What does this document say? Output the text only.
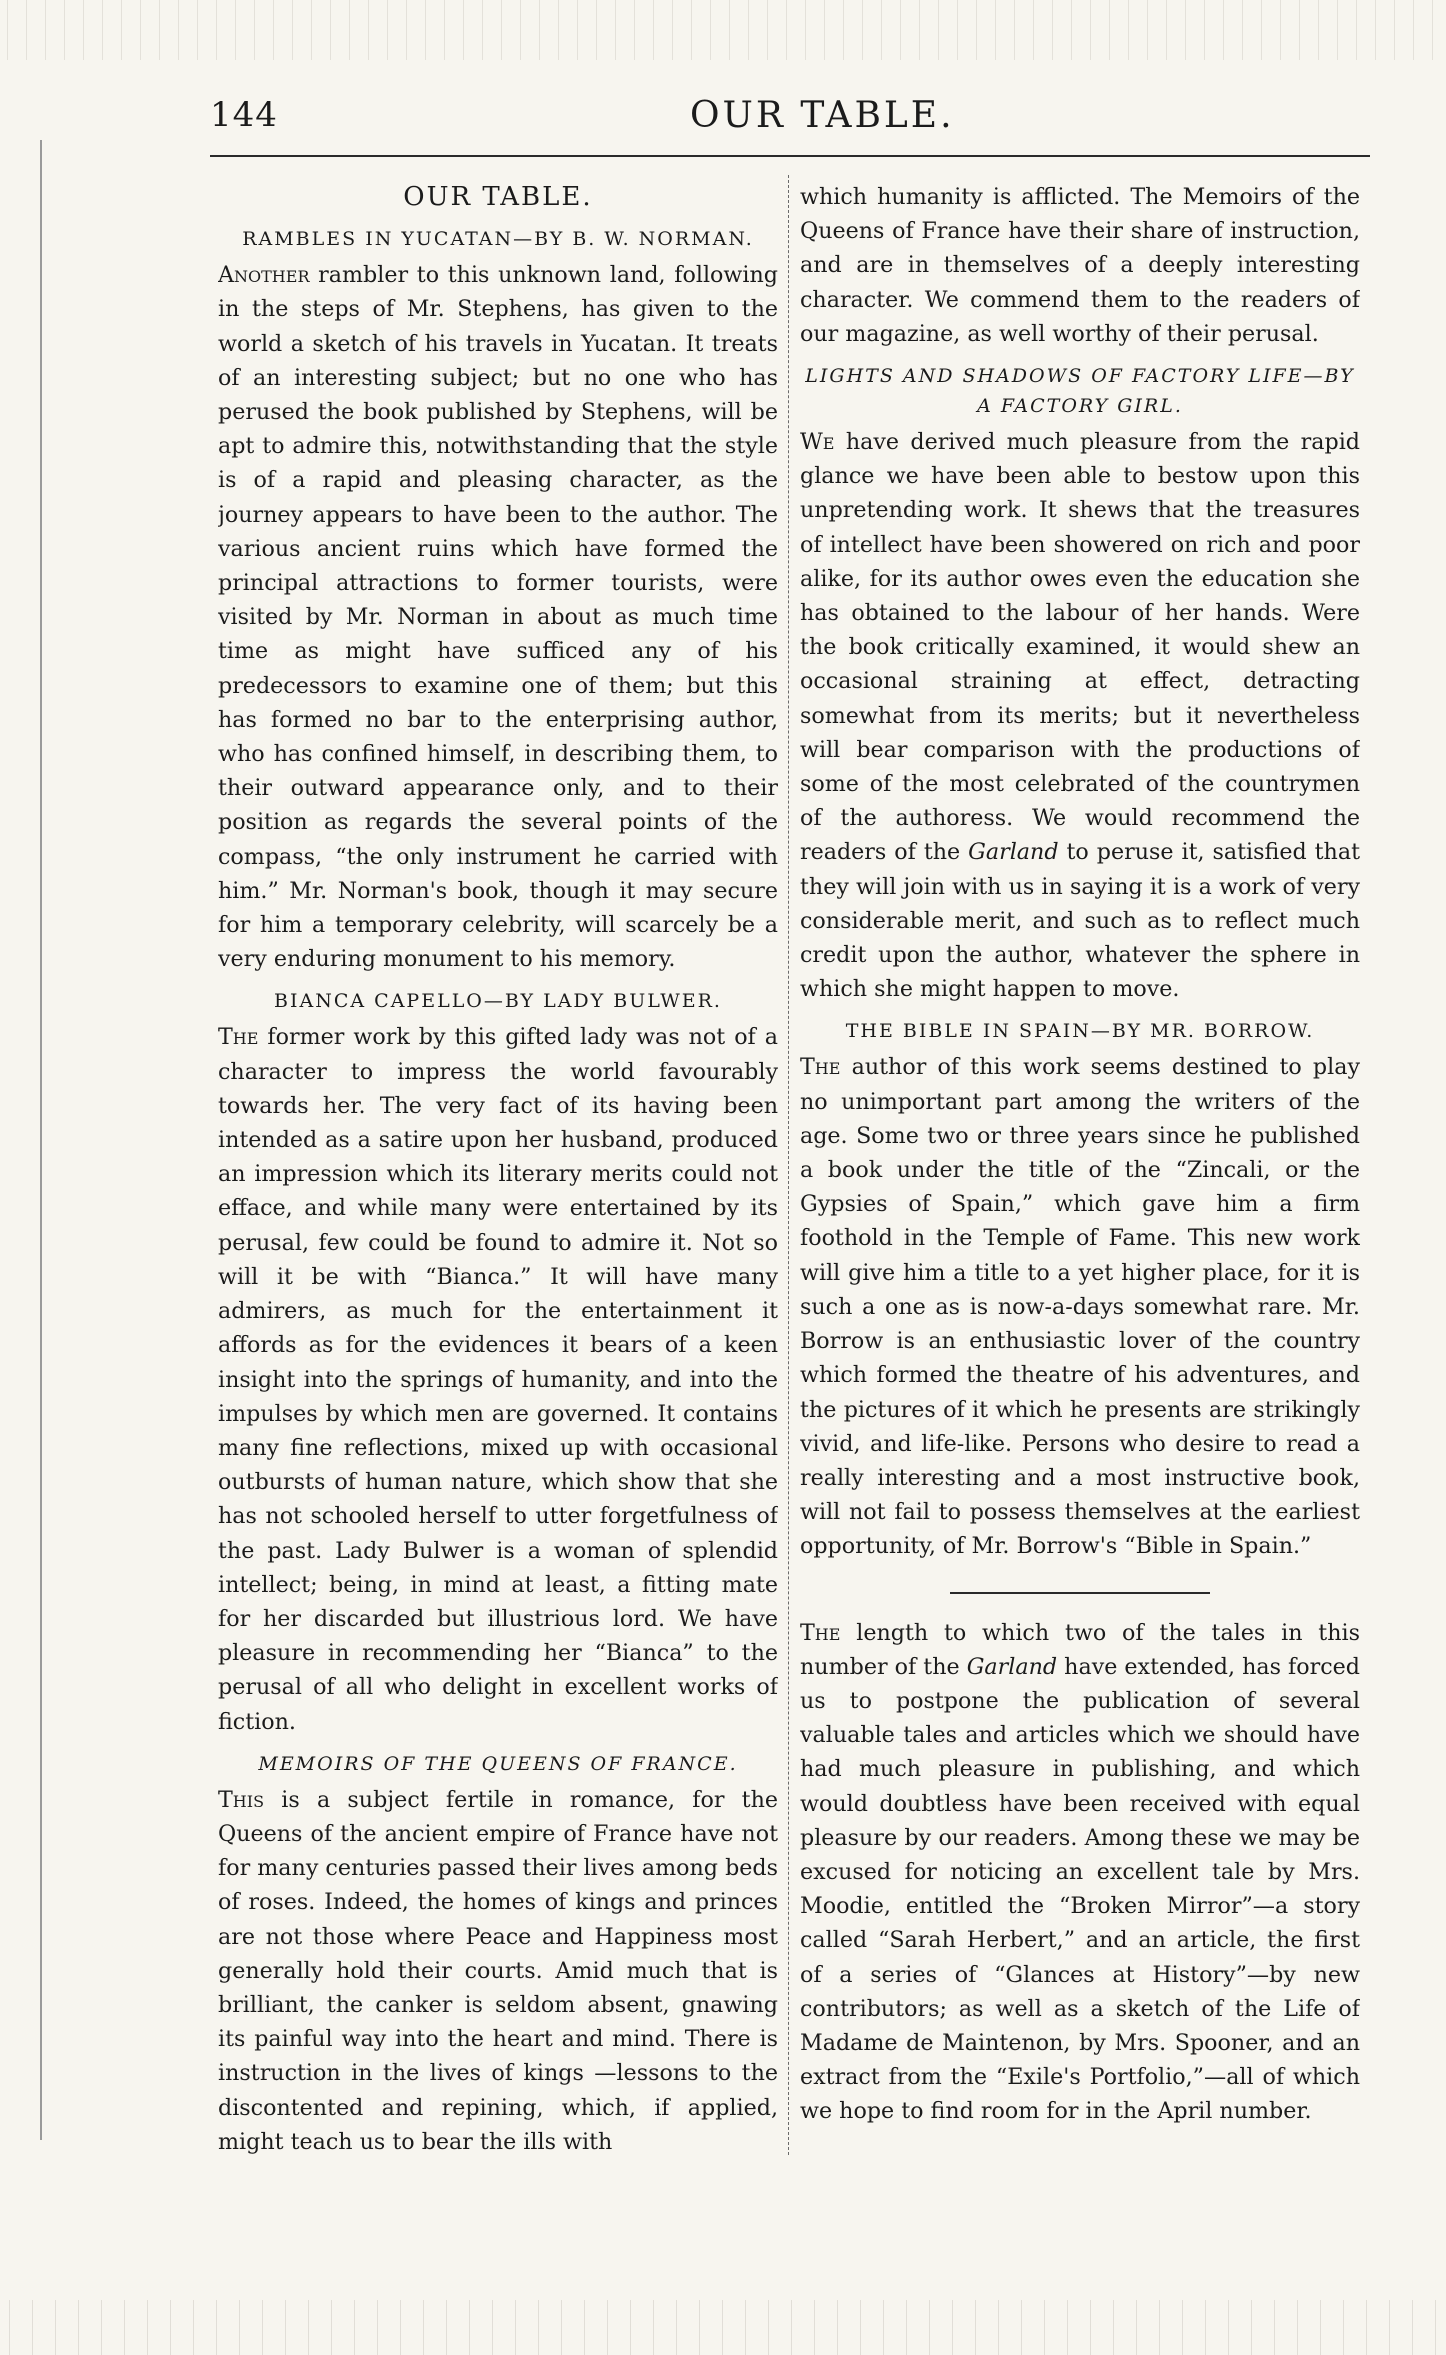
144	OUR TABLE.
OUR TABLE.
RAMBLES IN YUCATAN—BY B. W. NORMAN.

Another rambler to this unknown land, following in the steps of Mr. Stephens, has given to the world a sketch of his travels in Yucatan. It treats of an interesting subject; but no one who has perused the book published by Stephens, will be apt to admire this, notwithstanding that the style is of a rapid and pleasing character, as the journey appears to have been to the author. The various ancient ruins which have formed the principal attractions to former tourists, were visited by Mr. Norman in about as much time time as might have sufficed any of his predecessors to examine one of them; but this has formed no bar to the enterprising author, who has confined himself, in describing them, to their outward appearance only, and to their position as regards the several points of the compass, “the only instrument he carried with him.” Mr. Norman's book, though it may secure for him a temporary celebrity, will scarcely be a very enduring monument to his memory.

BIANCA CAPELLO—BY LADY BULWER.

The former work by this gifted lady was not of a character to impress the world favourably towards her. The very fact of its having been intended as a satire upon her husband, produced an impression which its literary merits could not efface, and while many were entertained by its perusal, few could be found to admire it. Not so will it be with “Bianca.” It will have many admirers, as much for the entertainment it affords as for the evidences it bears of a keen insight into the springs of humanity, and into the impulses by which men are governed. It contains many fine reflections, mixed up with occasional outbursts of human nature, which show that she has not schooled herself to utter forgetfulness of the past. Lady Bulwer is a woman of splendid intellect; being, in mind at least, a fitting mate for her discarded but illustrious lord. We have pleasure in recommending her “Bianca” to the perusal of all who delight in excellent works of fiction.

MEMOIRS OF THE QUEENS OF FRANCE.

This is a subject fertile in romance, for the Queens of the ancient empire of France have not for many centuries passed their lives among beds of roses. Indeed, the homes of kings and princes are not those where Peace and Happiness most generally hold their courts. Amid much that is brilliant, the canker is seldom absent, gnawing its painful way into the heart and mind. There is instruction in the lives of kings —lessons to the discontented and repining, which, if applied, might teach us to bear the ills with

which humanity is afflicted. The Memoirs of the Queens of France have their share of instruction, and are in themselves of a deeply interesting character. We commend them to the readers of our magazine, as well worthy of their perusal.

LIGHTS AND SHADOWS OF FACTORY LIFE—BY A FACTORY GIRL.

We have derived much pleasure from the rapid glance we have been able to bestow upon this unpretending work. It shews that the treasures of intellect have been showered on rich and poor alike, for its author owes even the education she has obtained to the labour of her hands. Were the book critically examined, it would shew an occasional straining at effect, detracting somewhat from its merits; but it nevertheless will bear comparison with the productions of some of the most celebrated of the countrymen of the authoress. We would recommend the readers of the Garland to peruse it, satisfied that they will join with us in saying it is a work of very considerable merit, and such as to reflect much credit upon the author, whatever the sphere in which she might happen to move.

THE BIBLE IN SPAIN—BY MR. BORROW.

The author of this work seems destined to play no unimportant part among the writers of the age. Some two or three years since he published a book under the title of the “Zincali, or the Gypsies of Spain,” which gave him a firm foothold in the Temple of Fame. This new work will give him a title to a yet higher place, for it is such a one as is now-a-days somewhat rare. Mr. Borrow is an enthusiastic lover of the country which formed the theatre of his adventures, and the pictures of it which he presents are strikingly vivid, and life-like. Persons who desire to read a really interesting and a most instructive book, will not fail to possess themselves at the earliest opportunity, of Mr. Borrow's “Bible in Spain.”

The length to which two of the tales in this number of the Garland have extended, has forced us to postpone the publication of several valuable tales and articles which we should have had much pleasure in publishing, and which would doubtless have been received with equal pleasure by our readers. Among these we may be excused for noticing an excellent tale by Mrs. Moodie, entitled the “Broken Mirror”—a story called “Sarah Herbert,” and an article, the first of a series of “Glances at History”—by new contributors; as well as a sketch of the Life of Madame de Maintenon, by Mrs. Spooner, and an extract from the “Exile's Portfolio,”—all of which we hope to find room for in the April number.
